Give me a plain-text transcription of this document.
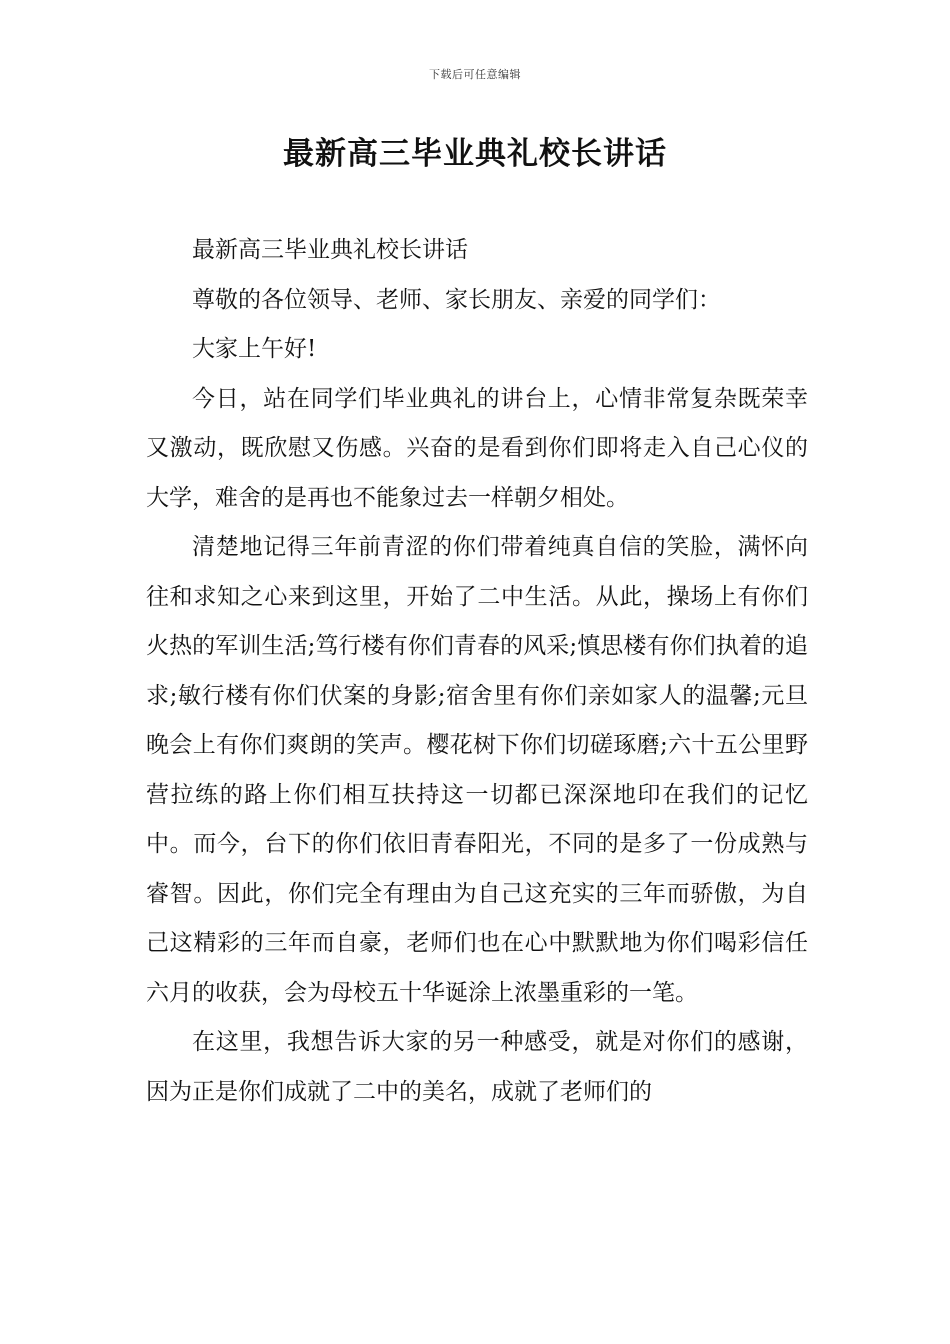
下载后可任意编辑
最新高三毕业典礼校长讲话

最新高三毕业典礼校长讲话

尊敬的各位领导、老师、家长朋友、亲爱的同学们：

大家上午好!

今日，站在同学们毕业典礼的讲台上，心情非常复杂既荣幸又激动，既欣慰又伤感。兴奋的是看到你们即将走入自己心仪的大学，难舍的是再也不能象过去一样朝夕相处。

清楚地记得三年前青涩的你们带着纯真自信的笑脸，满怀向往和求知之心来到这里，开始了二中生活。从此，操场上有你们火热的军训生活;笃行楼有你们青春的风采;慎思楼有你们执着的追求;敏行楼有你们伏案的身影;宿舍里有你们亲如家人的温馨;元旦晚会上有你们爽朗的笑声。樱花树下你们切磋琢磨;六十五公里野营拉练的路上你们相互扶持这一切都已深深地印在我们的记忆中。而今，台下的你们依旧青春阳光，不同的是多了一份成熟与睿智。因此，你们完全有理由为自己这充实的三年而骄傲，为自己这精彩的三年而自豪，老师们也在心中默默地为你们喝彩信任六月的收获，会为母校五十华诞涂上浓墨重彩的一笔。

在这里，我想告诉大家的另一种感受，就是对你们的感谢，因为正是你们成就了二中的美名，成就了老师们的
